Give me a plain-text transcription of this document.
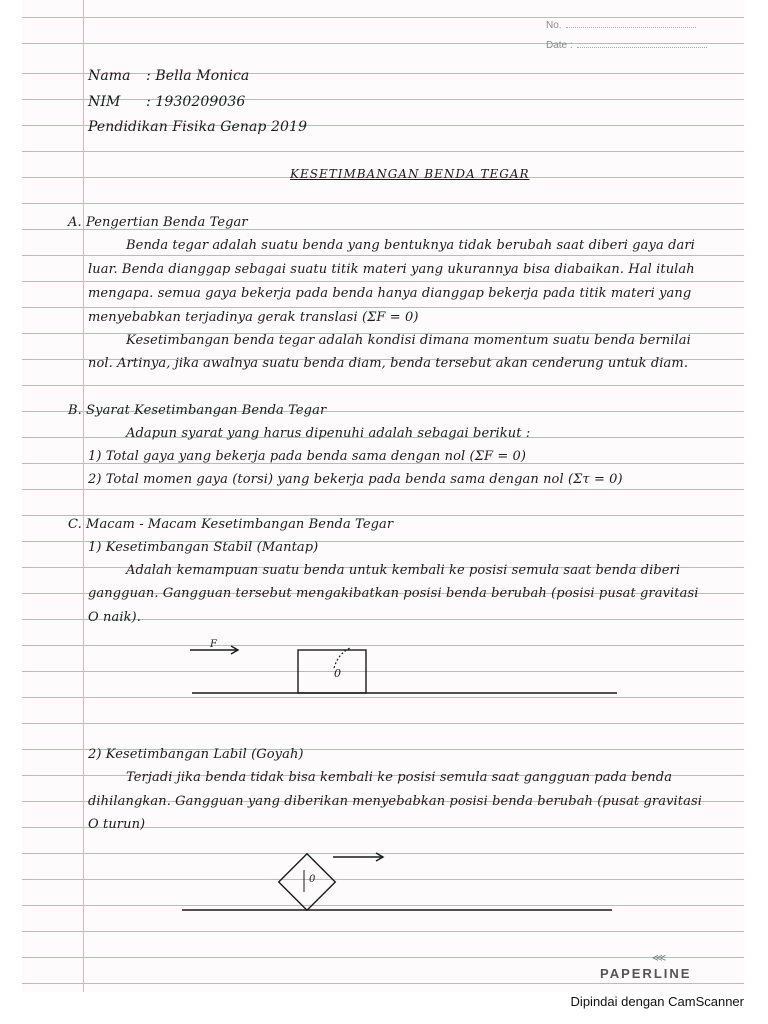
No.
Date :
Nama : Bella Monica
NIM : 1930209036
Pendidikan Fisika Genap 2019
KESETIMBANGAN BENDA TEGAR
A. Pengertian Benda Tegar
Benda tegar adalah suatu benda yang bentuknya tidak berubah saat diberi gaya dari
luar. Benda dianggap sebagai suatu titik materi yang ukurannya bisa diabaikan. Hal itulah
mengapa. semua gaya bekerja pada benda hanya dianggap bekerja pada titik materi yang
menyebabkan terjadinya gerak translasi (ΣF = 0)
Kesetimbangan benda tegar adalah kondisi dimana momentum suatu benda bernilai
nol. Artinya, jika awalnya suatu benda diam, benda tersebut akan cenderung untuk diam.
B. Syarat Kesetimbangan Benda Tegar
Adapun syarat yang harus dipenuhi adalah sebagai berikut :
1) Total gaya yang bekerja pada benda sama dengan nol (ΣF = 0)
2) Total momen gaya (torsi) yang bekerja pada benda sama dengan nol (Στ = 0)
C. Macam - Macam Kesetimbangan Benda Tegar
1) Kesetimbangan Stabil (Mantap)
Adalah kemampuan suatu benda untuk kembali ke posisi semula saat benda diberi
gangguan. Gangguan tersebut mengakibatkan posisi benda berubah (posisi pusat gravitasi
O naik).
F
0
2) Kesetimbangan Labil (Goyah)
Terjadi jika benda tidak bisa kembali ke posisi semula saat gangguan pada benda
dihilangkan. Gangguan yang diberikan menyebabkan posisi benda berubah (pusat gravitasi
O turun)
0
⋘
PAPERLINE
Dipindai dengan CamScanner
